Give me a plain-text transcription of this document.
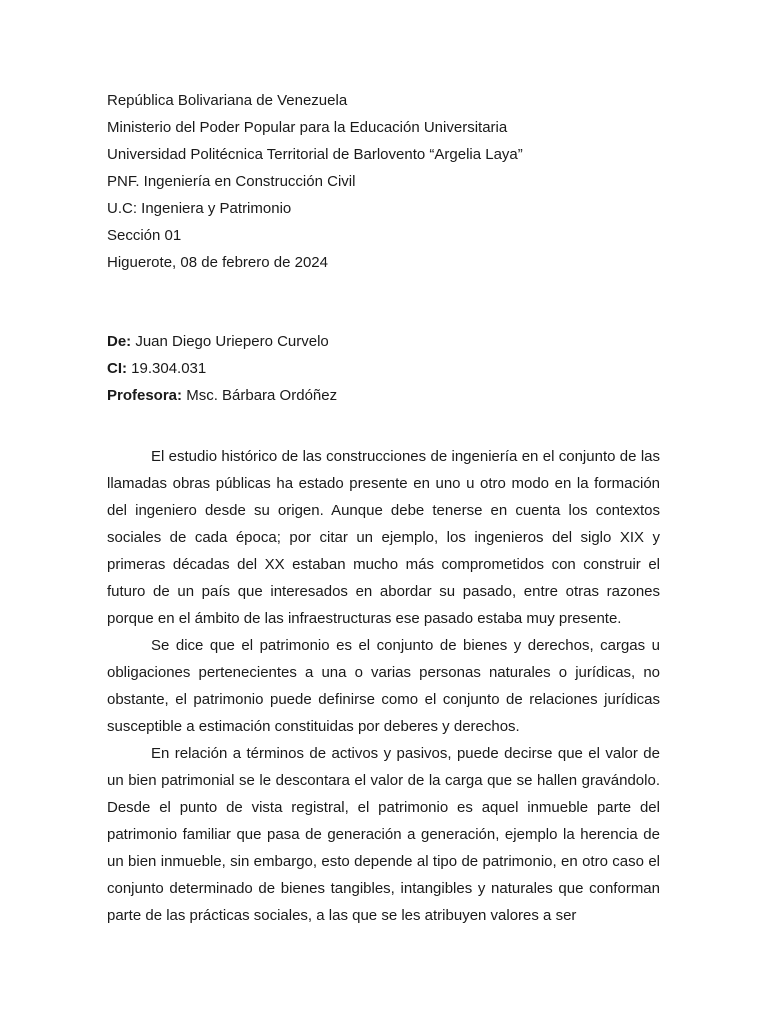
República Bolivariana de Venezuela
Ministerio del Poder Popular para la Educación Universitaria
Universidad Politécnica Territorial de Barlovento “Argelia Laya”
PNF. Ingeniería en Construcción Civil
U.C: Ingeniera y Patrimonio
Sección 01
Higuerote, 08 de febrero de 2024
De: Juan Diego Uriepero Curvelo
CI: 19.304.031
Profesora: Msc. Bárbara Ordóñez

El estudio histórico de las construcciones de ingeniería en el conjunto de las llamadas obras públicas ha estado presente en uno u otro modo en la formación del ingeniero desde su origen. Aunque debe tenerse en cuenta los contextos sociales de cada época; por citar un ejemplo, los ingenieros del siglo XIX y primeras décadas del XX estaban mucho más comprometidos con construir el futuro de un país que interesados en abordar su pasado, entre otras razones porque en el ámbito de las infraestructuras ese pasado estaba muy presente.

Se dice que el patrimonio es el conjunto de bienes y derechos, cargas u obligaciones pertenecientes a una o varias personas naturales o jurídicas, no obstante, el patrimonio puede definirse como el conjunto de relaciones jurídicas susceptible a estimación constituidas por deberes y derechos.

En relación a términos de activos y pasivos, puede decirse que el valor de un bien patrimonial se le descontara el valor de la carga que se hallen gravándolo. Desde el punto de vista registral, el patrimonio es aquel inmueble parte del patrimonio familiar que pasa de generación a generación, ejemplo la herencia de un bien inmueble, sin embargo, esto depende al tipo de patrimonio, en otro caso el conjunto determinado de bienes tangibles, intangibles y naturales que conforman parte de las prácticas sociales, a las que se les atribuyen valores a ser
